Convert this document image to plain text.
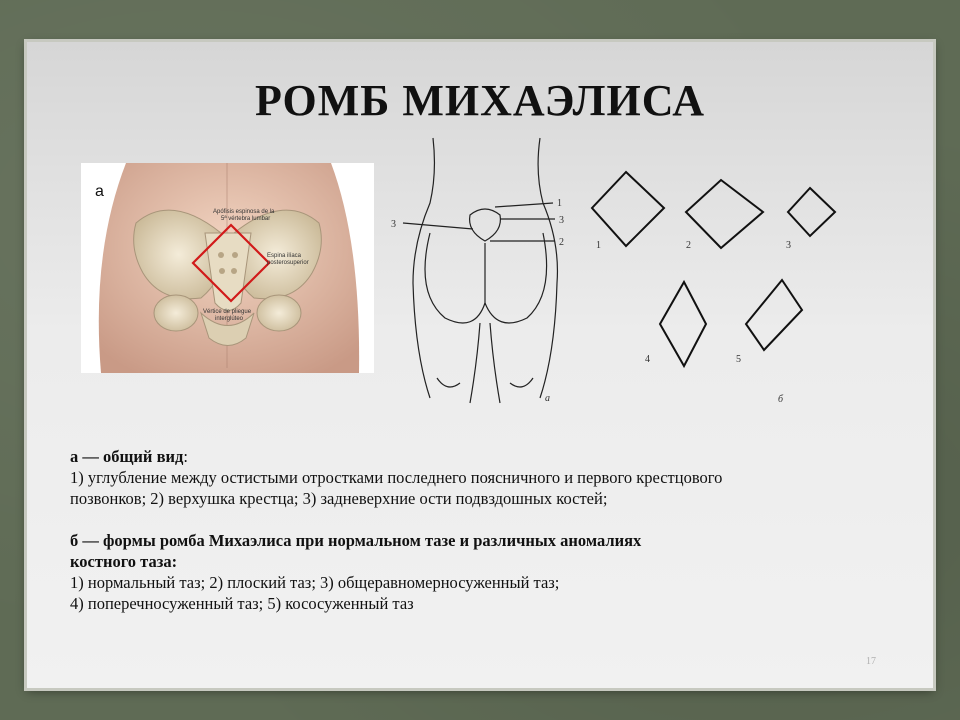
РОМБ МИХАЭЛИСА
Apófisis espinosa de la
5ª vértebra lumbar
Espina ilíaca
posterosuperior
Vértice de pliegue
interglúteo
а
1
3
2
3
а
1	2	3
4	5
б

а — общий вид:

1) углубление между остистыми отростками последнего поясничного и первого крестцового

позвонков; 2) верхушка крестца; 3) задневерхние ости подвздошных костей;

б — формы ромба Михаэлиса при нормальном тазе и различных аномалиях

костного таза:

1) нормальный таз; 2) плоский таз; 3) общеравномерносуженный таз;

4) поперечносуженный таз; 5) кососуженный таз

17
